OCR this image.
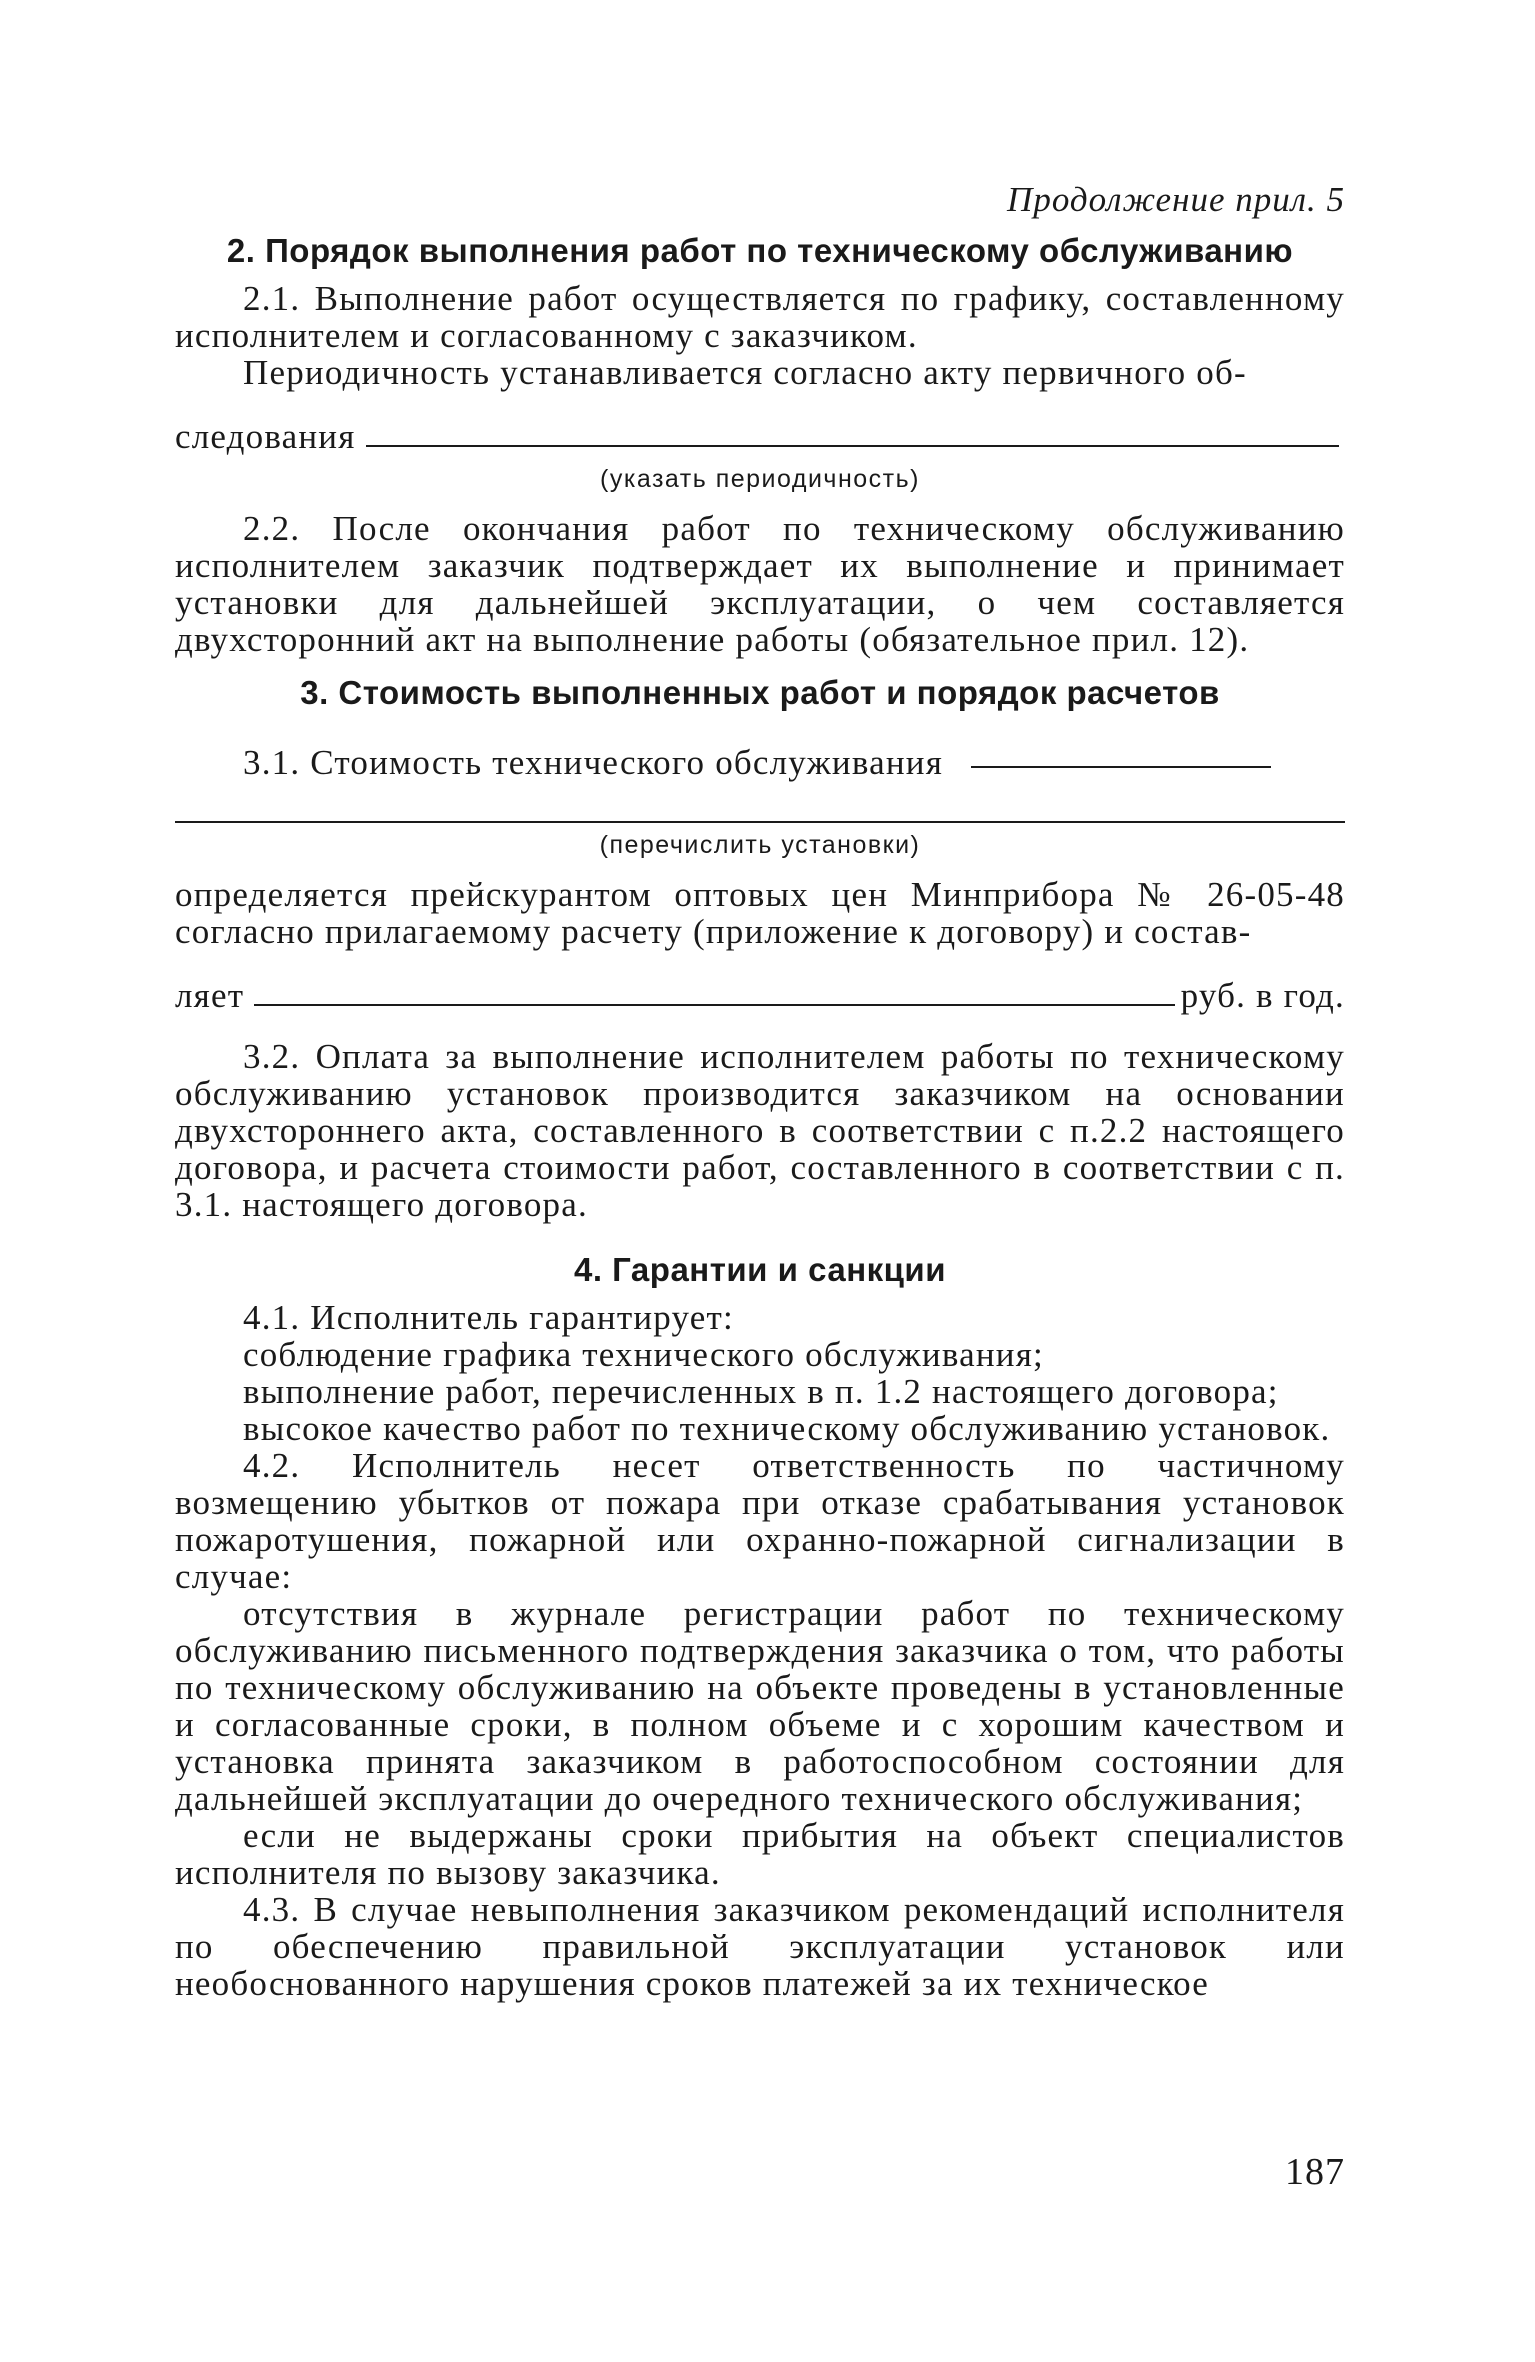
Продолжение прил. 5
2. Порядок выполнения работ по техническому обслуживанию

2.1. Выполнение работ осуществляется по графику, составленному исполнителем и согласованному с заказчиком.

Периодичность устанавливается согласно акту первичного об-

следования
(указать периодичность)

2.2. После окончания работ по техническому обслуживанию исполнителем заказчик подтверждает их выполнение и принимает установки для дальнейшей эксплуатации, о чем составляется двухсторонний акт на выполнение работы (обязательное прил. 12).

3. Стоимость выполненных работ и порядок расчетов

3.1. Стоимость технического обслуживания

(перечислить установки)

определяется прейскурантом оптовых цен Минприбора № 26-05-48 согласно прилагаемому расчету (приложение к договору) и состав-

ляет	руб. в год.

3.2. Оплата за выполнение исполнителем работы по техническому обслуживанию установок производится заказчиком на основании двухстороннего акта, составленного в соответствии с п.2.2 настоящего договора, и расчета стоимости работ, составленного в соответствии с п. 3.1. настоящего договора.

4. Гарантии и санкции

4.1. Исполнитель гарантирует:

соблюдение графика технического обслуживания;

выполнение работ, перечисленных в п. 1.2 настоящего договора;

высокое качество работ по техническому обслуживанию установок.

4.2. Исполнитель несет ответственность по частичному возмещению убытков от пожара при отказе срабатывания установок пожаротушения, пожарной или охранно-пожарной сигнализации в случае:

отсутствия в журнале регистрации работ по техническому обслуживанию письменного подтверждения заказчика о том, что работы по техническому обслуживанию на объекте проведены в установленные и согласованные сроки, в полном объеме и с хорошим качеством и установка принята заказчиком в работоспособном состоянии для дальнейшей эксплуатации до очередного технического обслуживания;

если не выдержаны сроки прибытия на объект специалистов исполнителя по вызову заказчика.

4.3. В случае невыполнения заказчиком рекомендаций исполнителя по обеспечению правильной эксплуатации установок или необоснованного нарушения сроков платежей за их техническое

187
